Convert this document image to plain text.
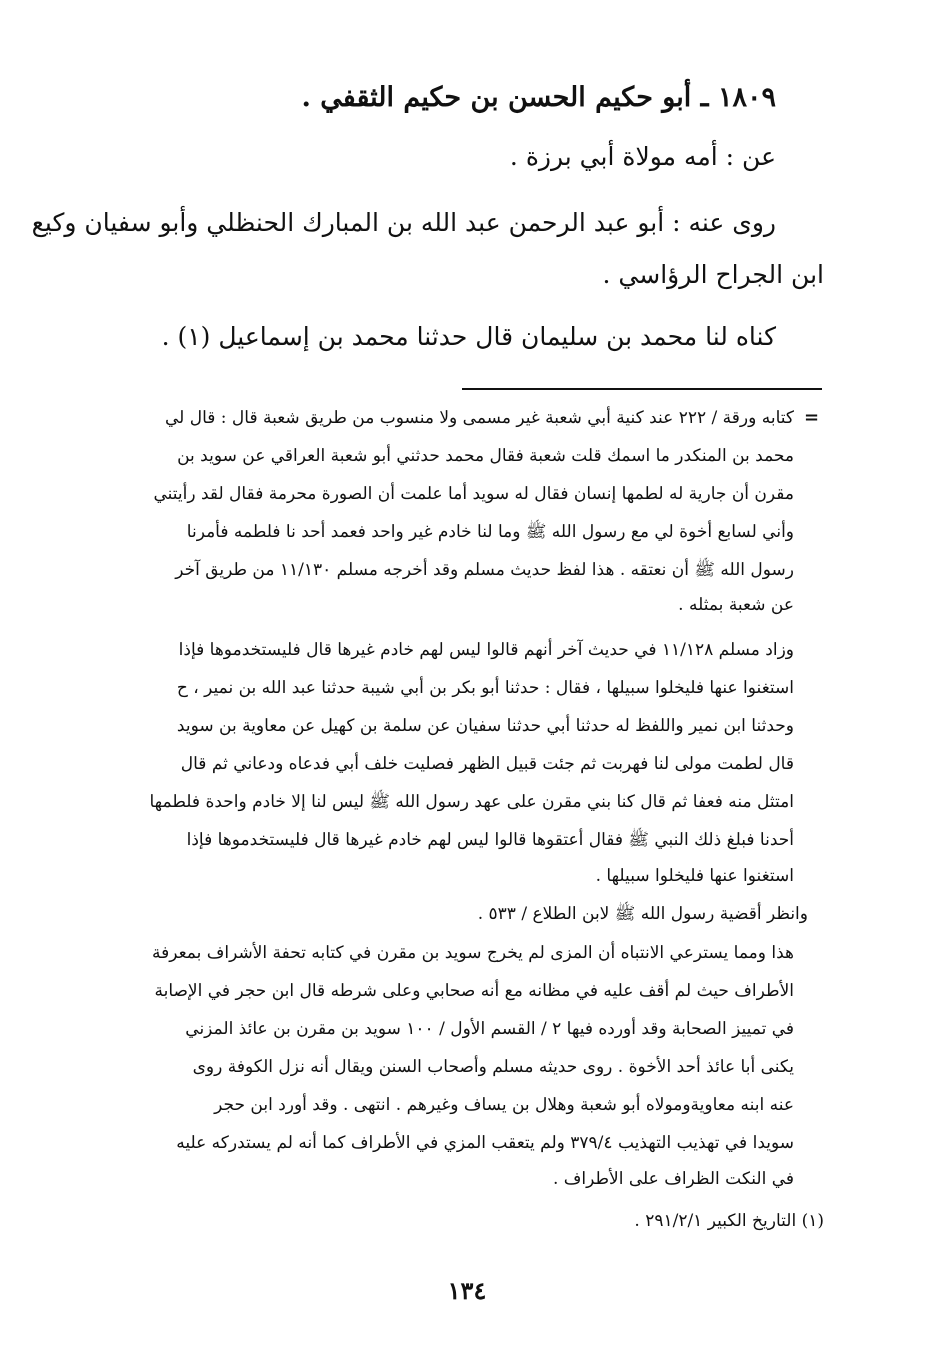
١٨٠٩ ـ أبو حكيم الحسن بن حكيم الثقفي .
عن : أمه مولاة أبي برزة .
روى عنه : أبو عبد الرحمن عبد الله بن المبارك الحنظلي وأبو سفيان وكيع
ابن الجراح الرؤاسي .
كناه لنا محمد بن سليمان قال حدثنا محمد بن إسماعيل (١) .
=
كتابه ورقة / ٢٢٢ عند كنية أبي شعبة غير مسمى ولا منسوب من طريق شعبة قال : قال لي
محمد بن المنكدر ما اسمك قلت شعبة فقال محمد حدثني أبو شعبة العراقي عن سويد بن
مقرن أن جارية له لطمها إنسان فقال له سويد أما علمت أن الصورة محرمة فقال لقد رأيتني
وأني لسابع أخوة لي مع رسول الله ﷺ وما لنا خادم غير واحد فعمد أحد نا فلطمه فأمرنا
رسول الله ﷺ أن نعتقه . هذا لفظ حديث مسلم وقد أخرجه مسلم ١١/١٣٠ من طريق آخر
عن شعبة بمثله .
وزاد مسلم ١١/١٢٨ في حديث آخر أنهم قالوا ليس لهم خادم غيرها قال فليستخدموها فإذا
استغنوا عنها فليخلوا سبيلها ، فقال : حدثنا أبو بكر بن أبي شيبة حدثنا عبد الله بن نمير ، ح
وحدثنا ابن نمير واللفظ له حدثنا أبي حدثنا سفيان عن سلمة بن كهيل عن معاوية بن سويد
قال لطمت مولى لنا فهربت ثم جئت قبيل الظهر فصليت خلف أبي فدعاه ودعاني ثم قال
امتثل منه فعفا ثم قال كنا بني مقرن على عهد رسول الله ﷺ ليس لنا إلا خادم واحدة فلطمها
أحدنا فبلغ ذلك النبي ﷺ فقال أعتقوها قالوا ليس لهم خادم غيرها قال فليستخدموها فإذا
استغنوا عنها فليخلوا سبيلها .
وانظر أقضية رسول الله ﷺ لابن الطلاع / ٥٣٣ .
هذا ومما يسترعي الانتباه أن المزى لم يخرج سويد بن مقرن في كتابه تحفة الأشراف بمعرفة
الأطراف حيث لم أقف عليه في مظانه مع أنه صحابي وعلى شرطه قال ابن حجر في الإصابة
في تمييز الصحابة وقد أورده فيها ٢ / القسم الأول / ١٠٠ سويد بن مقرن بن عائذ المزني
يكنى أبا عائذ أحد الأخوة . روى حديثه مسلم وأصحاب السنن ويقال أنه نزل الكوفة روى
عنه ابنه معاويةومولاه أبو شعبة وهلال بن يساف وغيرهم . انتهى . وقد أورد ابن حجر
سويدا في تهذيب التهذيب ٣٧٩/٤ ولم يتعقب المزي في الأطراف كما أنه لم يستدركه عليه
في النكت الظراف على الأطراف .
(١) التاريخ الكبير ٢٩١/٢/١ .
١٣٤
